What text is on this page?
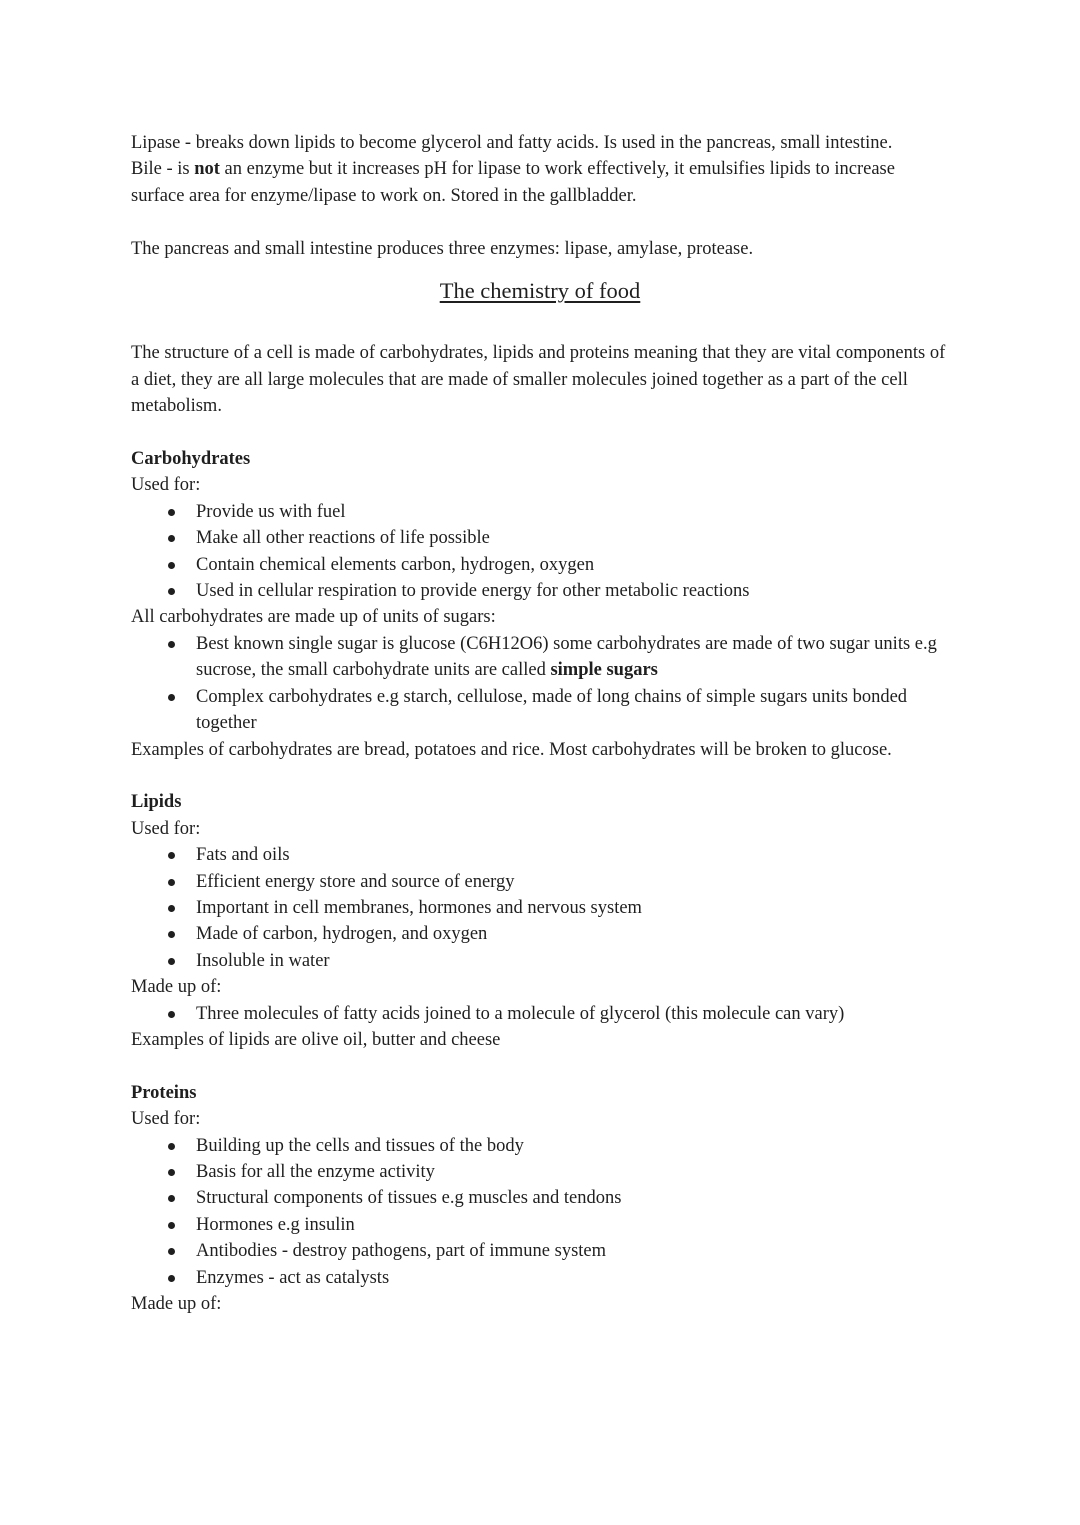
Lipase - breaks down lipids to become glycerol and fatty acids. Is used in the pancreas, small intestine.

Bile - is not an enzyme but it increases pH for lipase to work effectively, it emulsifies lipids to increase surface area for enzyme/lipase to work on. Stored in the gallbladder.

The pancreas and small intestine produces three enzymes: lipase, amylase, protease.

The chemistry of food

The structure of a cell is made of carbohydrates, lipids and proteins meaning that they are vital components of a diet, they are all large molecules that are made of smaller molecules joined together as a part of the cell metabolism.

Carbohydrates

Used for:

Provide us with fuel
Make all other reactions of life possible
Contain chemical elements carbon, hydrogen, oxygen
Used in cellular respiration to provide energy for other metabolic reactions

All carbohydrates are made up of units of sugars:

Best known single sugar is glucose (C6H12O6) some carbohydrates are made of two sugar units e.g sucrose, the small carbohydrate units are called simple sugars
Complex carbohydrates e.g starch, cellulose, made of long chains of simple sugars units bonded together

Examples of carbohydrates are bread, potatoes and rice. Most carbohydrates will be broken to glucose.

Lipids

Used for:

Fats and oils
Efficient energy store and source of energy
Important in cell membranes, hormones and nervous system
Made of carbon, hydrogen, and oxygen
Insoluble in water

Made up of:

Three molecules of fatty acids joined to a molecule of glycerol (this molecule can vary)

Examples of lipids are olive oil, butter and cheese

Proteins

Used for:

Building up the cells and tissues of the body
Basis for all the enzyme activity
Structural components of tissues e.g muscles and tendons
Hormones e.g insulin
Antibodies - destroy pathogens, part of immune system
Enzymes - act as catalysts

Made up of:
